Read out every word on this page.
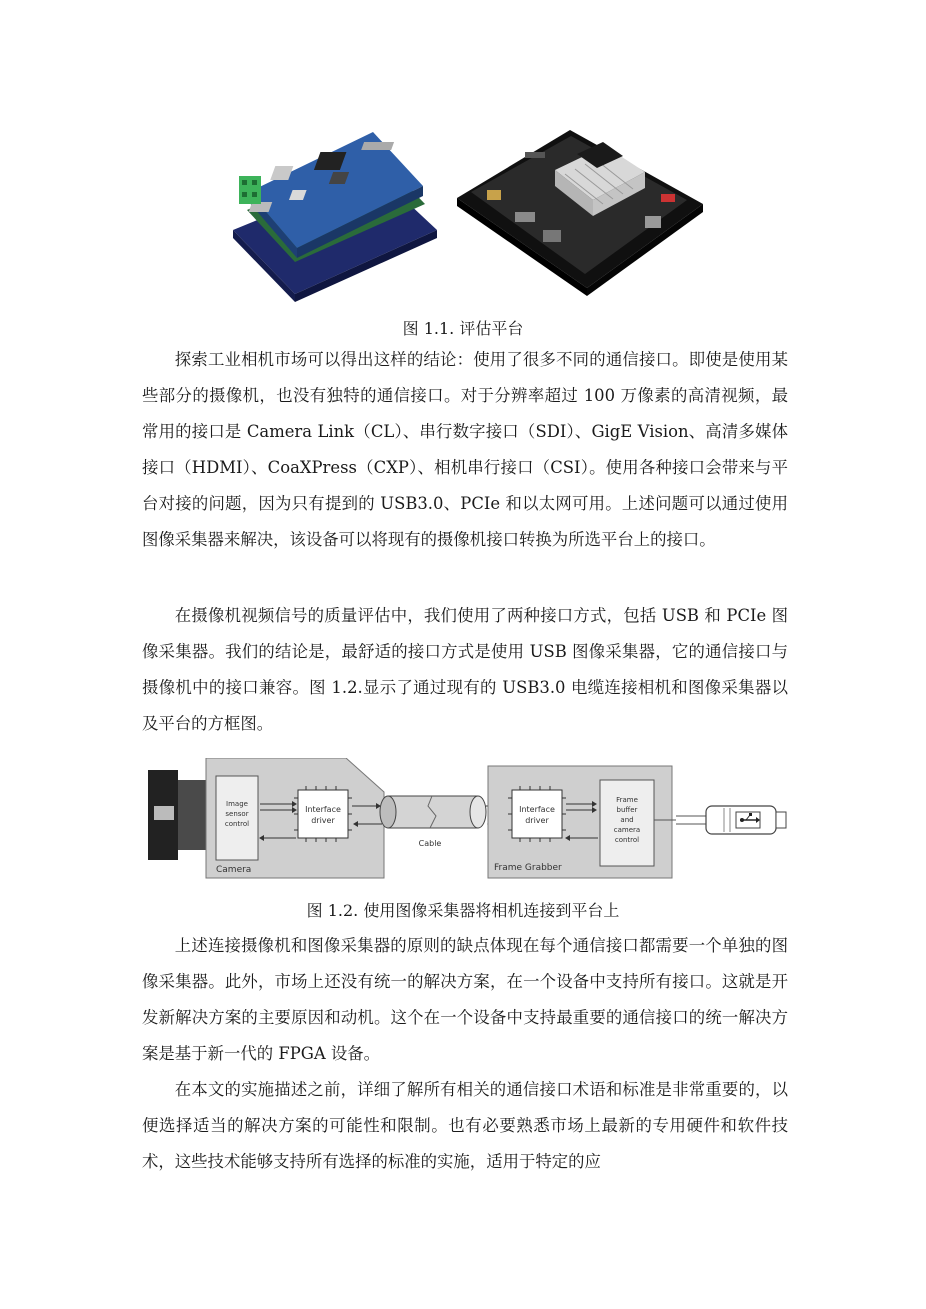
图 1.1. 评估平台

探索工业相机市场可以得出这样的结论：使用了很多不同的通信接口。即使是使用某些部分的摄像机，也没有独特的通信接口。对于分辨率超过 100 万像素的高清视频，最常用的接口是 Camera Link（CL）、串行数字接口（SDI）、GigE Vision、高清多媒体接口（HDMI）、CoaXPress（CXP）、相机串行接口（CSI）。使用各种接口会带来与平台对接的问题，因为只有提到的 USB3.0、PCIe 和以太网可用。上述问题可以通过使用图像采集器来解决，该设备可以将现有的摄像机接口转换为所选平台上的接口。

在摄像机视频信号的质量评估中，我们使用了两种接口方式，包括 USB 和 PCIe 图像采集器。我们的结论是，最舒适的接口方式是使用 USB 图像采集器，它的通信接口与摄像机中的接口兼容。图 1.2.显示了通过现有的 USB3.0 电缆连接相机和图像采集器以及平台的方框图。

Camera
Image
sensor
control
Interface
driver
Cable
Frame Grabber
Interface
driver
Frame
buffer
and
camera
control
图 1.2. 使用图像采集器将相机连接到平台上

上述连接摄像机和图像采集器的原则的缺点体现在每个通信接口都需要一个单独的图像采集器。此外，市场上还没有统一的解决方案，在一个设备中支持所有接口。这就是开发新解决方案的主要原因和动机。这个在一个设备中支持最重要的通信接口的统一解决方案是基于新一代的 FPGA 设备。

在本文的实施描述之前，详细了解所有相关的通信接口术语和标准是非常重要的，以便选择适当的解决方案的可能性和限制。也有必要熟悉市场上最新的专用硬件和软件技术，这些技术能够支持所有选择的标准的实施，适用于特定的应
